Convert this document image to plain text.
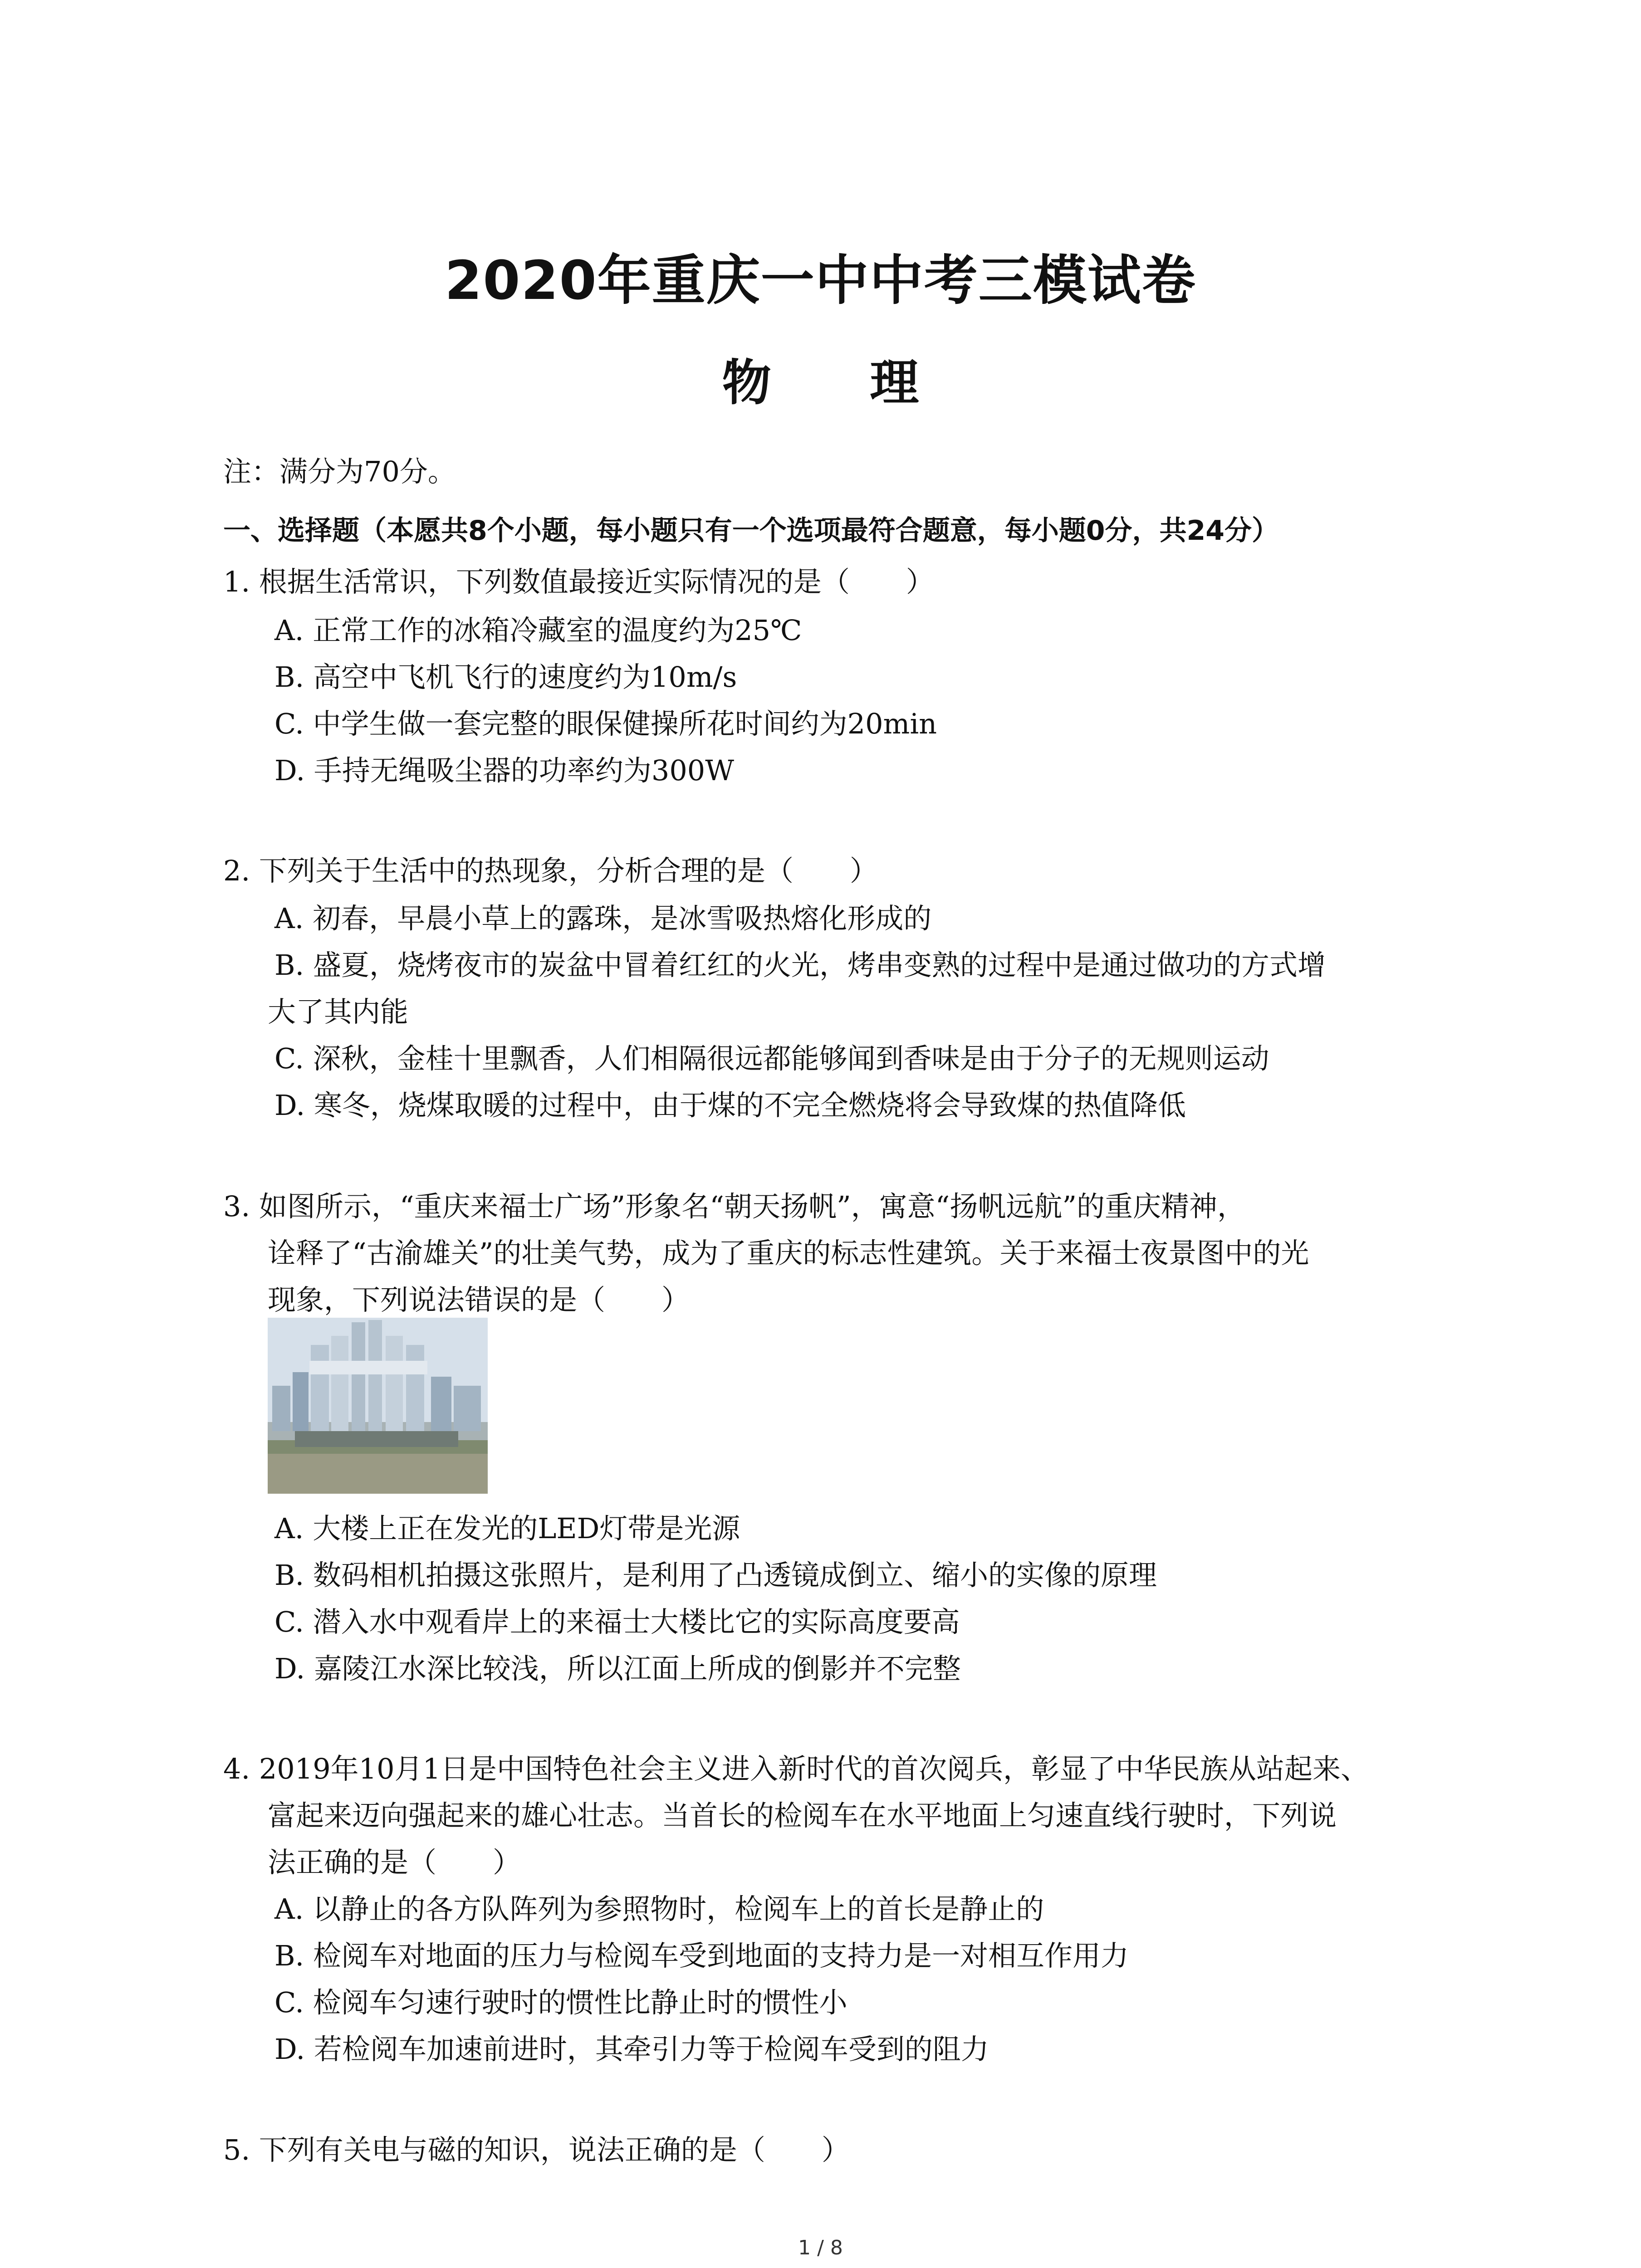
2020年重庆一中中考三模试卷
物 理
注：满分为70分。
一、选择题（本愿共8个小题，每小题只有一个选项最符合题意，每小题0分，共24分）
1. 根据生活常识，下列数值最接近实际情况的是（　　）
A. 正常工作的冰箱冷藏室的温度约为25℃
B. 高空中飞机飞行的速度约为10m/s
C. 中学生做一套完整的眼保健操所花时间约为20min
D. 手持无绳吸尘器的功率约为300W
2. 下列关于生活中的热现象，分析合理的是（　　）
A. 初春，早晨小草上的露珠，是冰雪吸热熔化形成的
B. 盛夏，烧烤夜市的炭盆中冒着红红的火光，烤串变熟的过程中是通过做功的方式增
大了其内能
C. 深秋，金桂十里飘香，人们相隔很远都能够闻到香味是由于分子的无规则运动
D. 寒冬，烧煤取暖的过程中，由于煤的不完全燃烧将会导致煤的热值降低
3. 如图所示，“重庆来福士广场”形象名“朝天扬帆”，寓意“扬帆远航”的重庆精神，
诠释了“古渝雄关”的壮美气势，成为了重庆的标志性建筑。关于来福士夜景图中的光
现象，下列说法错误的是（　　）
A. 大楼上正在发光的LED灯带是光源
B. 数码相机拍摄这张照片，是利用了凸透镜成倒立、缩小的实像的原理
C. 潜入水中观看岸上的来福士大楼比它的实际高度要高
D. 嘉陵江水深比较浅，所以江面上所成的倒影并不完整
4. 2019年10月1日是中国特色社会主义进入新时代的首次阅兵，彰显了中华民族从站起来、
富起来迈向强起来的雄心壮志。当首长的检阅车在水平地面上匀速直线行驶时，下列说
法正确的是（　　）
A. 以静止的各方队阵列为参照物时，检阅车上的首长是静止的
B. 检阅车对地面的压力与检阅车受到地面的支持力是一对相互作用力
C. 检阅车匀速行驶时的惯性比静止时的惯性小
D. 若检阅车加速前进时，其牵引力等于检阅车受到的阻力
5. 下列有关电与磁的知识，说法正确的是（　　）
1 / 8
